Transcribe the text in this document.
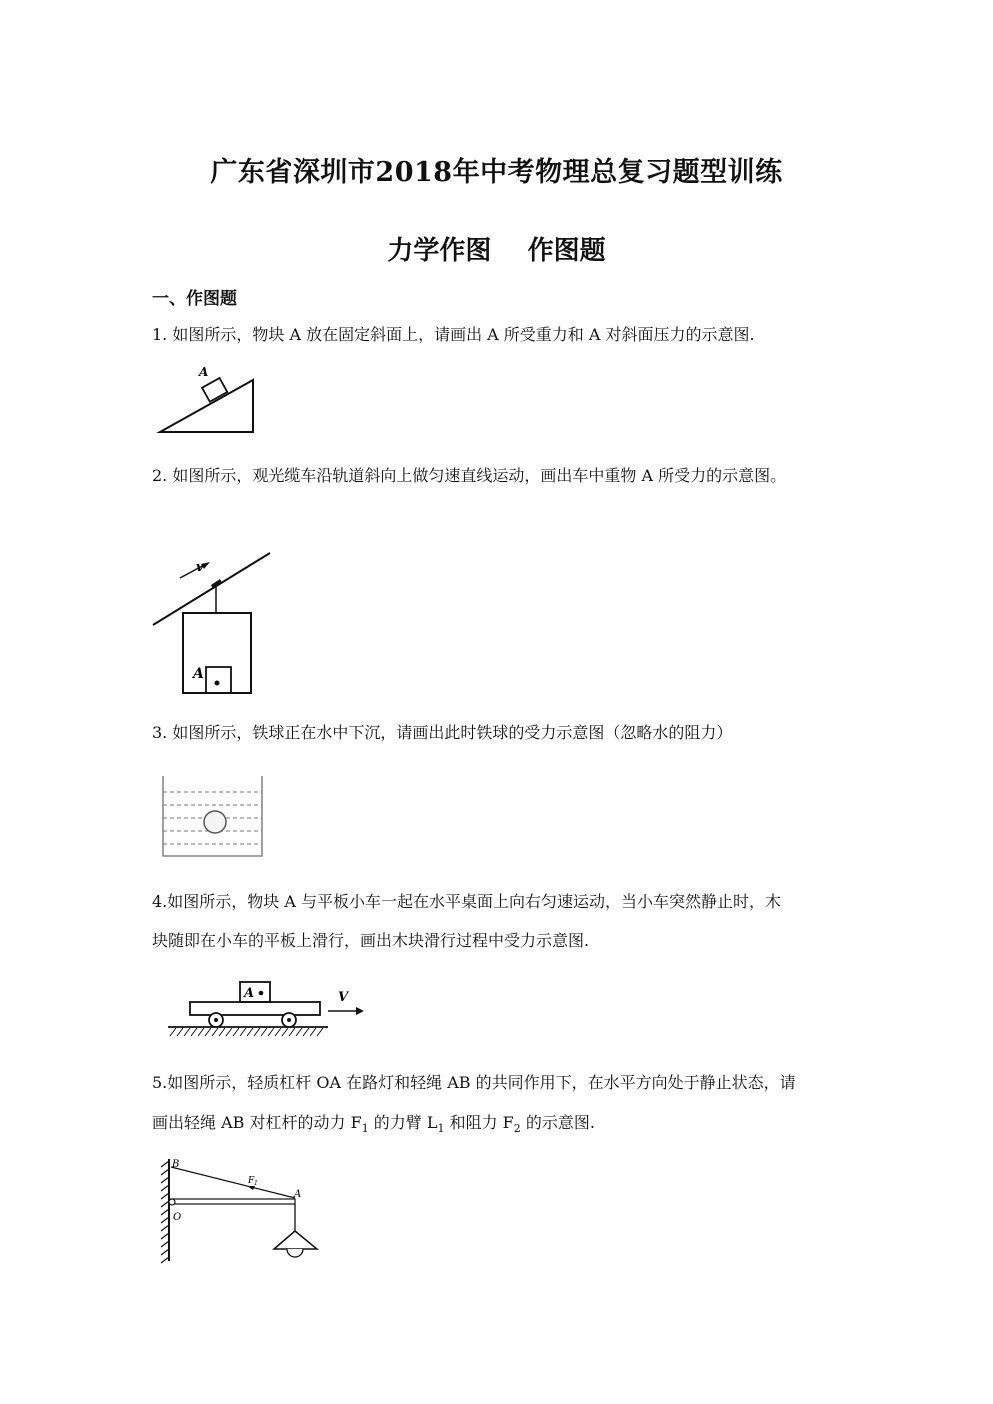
广东省深圳市2018年中考物理总复习题型训练
力学作图    作图题
一、作图题
1. 如图所示，物块 A 放在固定斜面上，请画出 A 所受重力和 A 对斜面压力的示意图.
A
2. 如图所示，观光缆车沿轨道斜向上做匀速直线运动，画出车中重物 A 所受力的示意图。
v
A
3. 如图所示，铁球正在水中下沉，请画出此时铁球的受力示意图（忽略水的阻力）
4.如图所示，物块 A 与平板小车一起在水平桌面上向右匀速运动，当小车突然静止时，木
块随即在小车的平板上滑行，画出木块滑行过程中受力示意图.
A	V
5.如图所示，轻质杠杆 OA 在路灯和轻绳 AB 的共同作用下，在水平方向处于静止状态，请
画出轻绳 AB 对杠杆的动力 $F_1$ 的力臂 $L_1$ 和阻力 $F_2$ 的示意图.
B
O
A
F 1
